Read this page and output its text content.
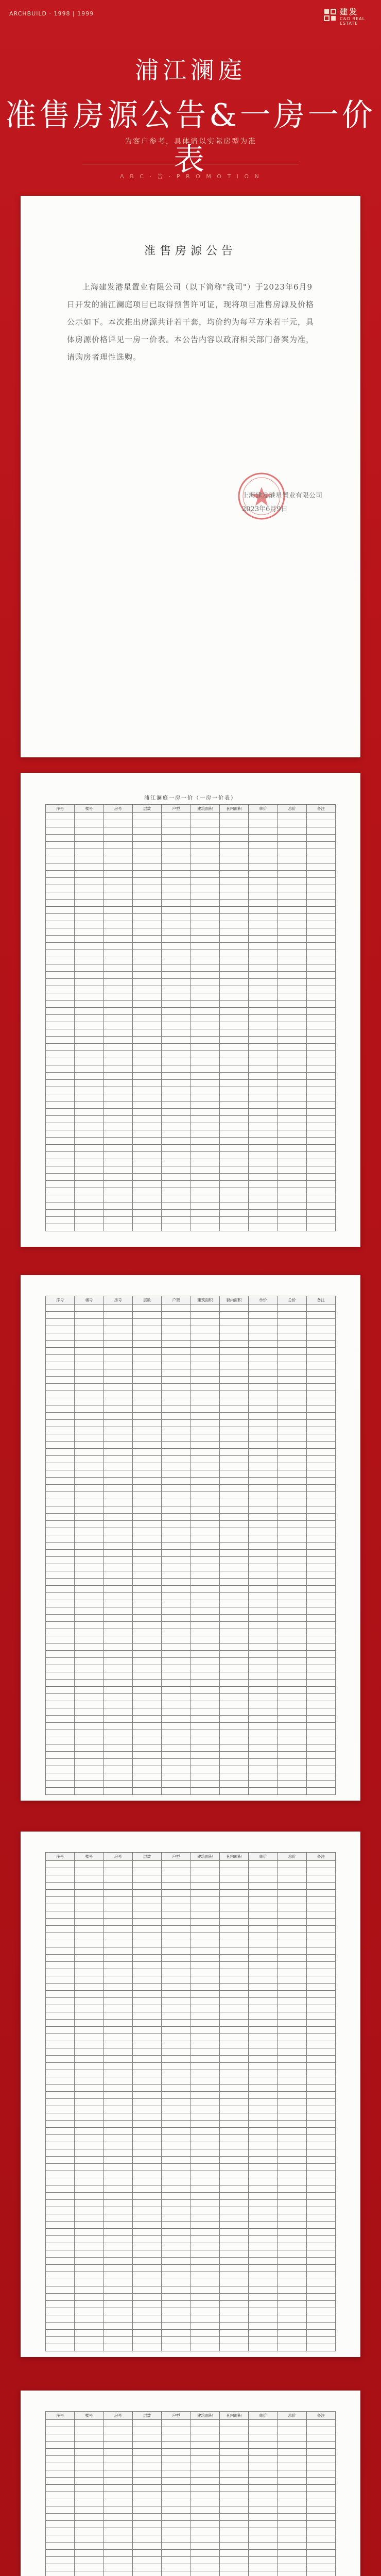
ARCHBUILD · 1998 | 1999	建发
C&D REAL ESTATE
浦江澜庭
准售房源公告&一房一价表
为客户参考，具体请以实际房型为准
A B C · 告 · P R O M O T I O N
准售房源公告
上海建发港星置业有限公司（以下简称"我司"）于2023年6月9日开发的浦江澜庭项目已取得预售许可证，现将项目准售房源及价格公示如下。本次推出房源共计若干套，均价约为每平方米若干元，具体房源价格详见一房一价表。本公告内容以政府相关部门备案为准，请购房者理性选购。
上海建发港星置业有限公司
2023年6月9日
浦江澜庭一房一价（一房一价表）
序号	楼号	房号	层数	户型	建筑面积	套内面积	单价	总价	备注

序号	楼号	房号	层数	户型	建筑面积	套内面积	单价	总价	备注

序号	楼号	房号	层数	户型	建筑面积	套内面积	单价	总价	备注

序号	楼号	房号	层数	户型	建筑面积	套内面积	单价	总价	备注
